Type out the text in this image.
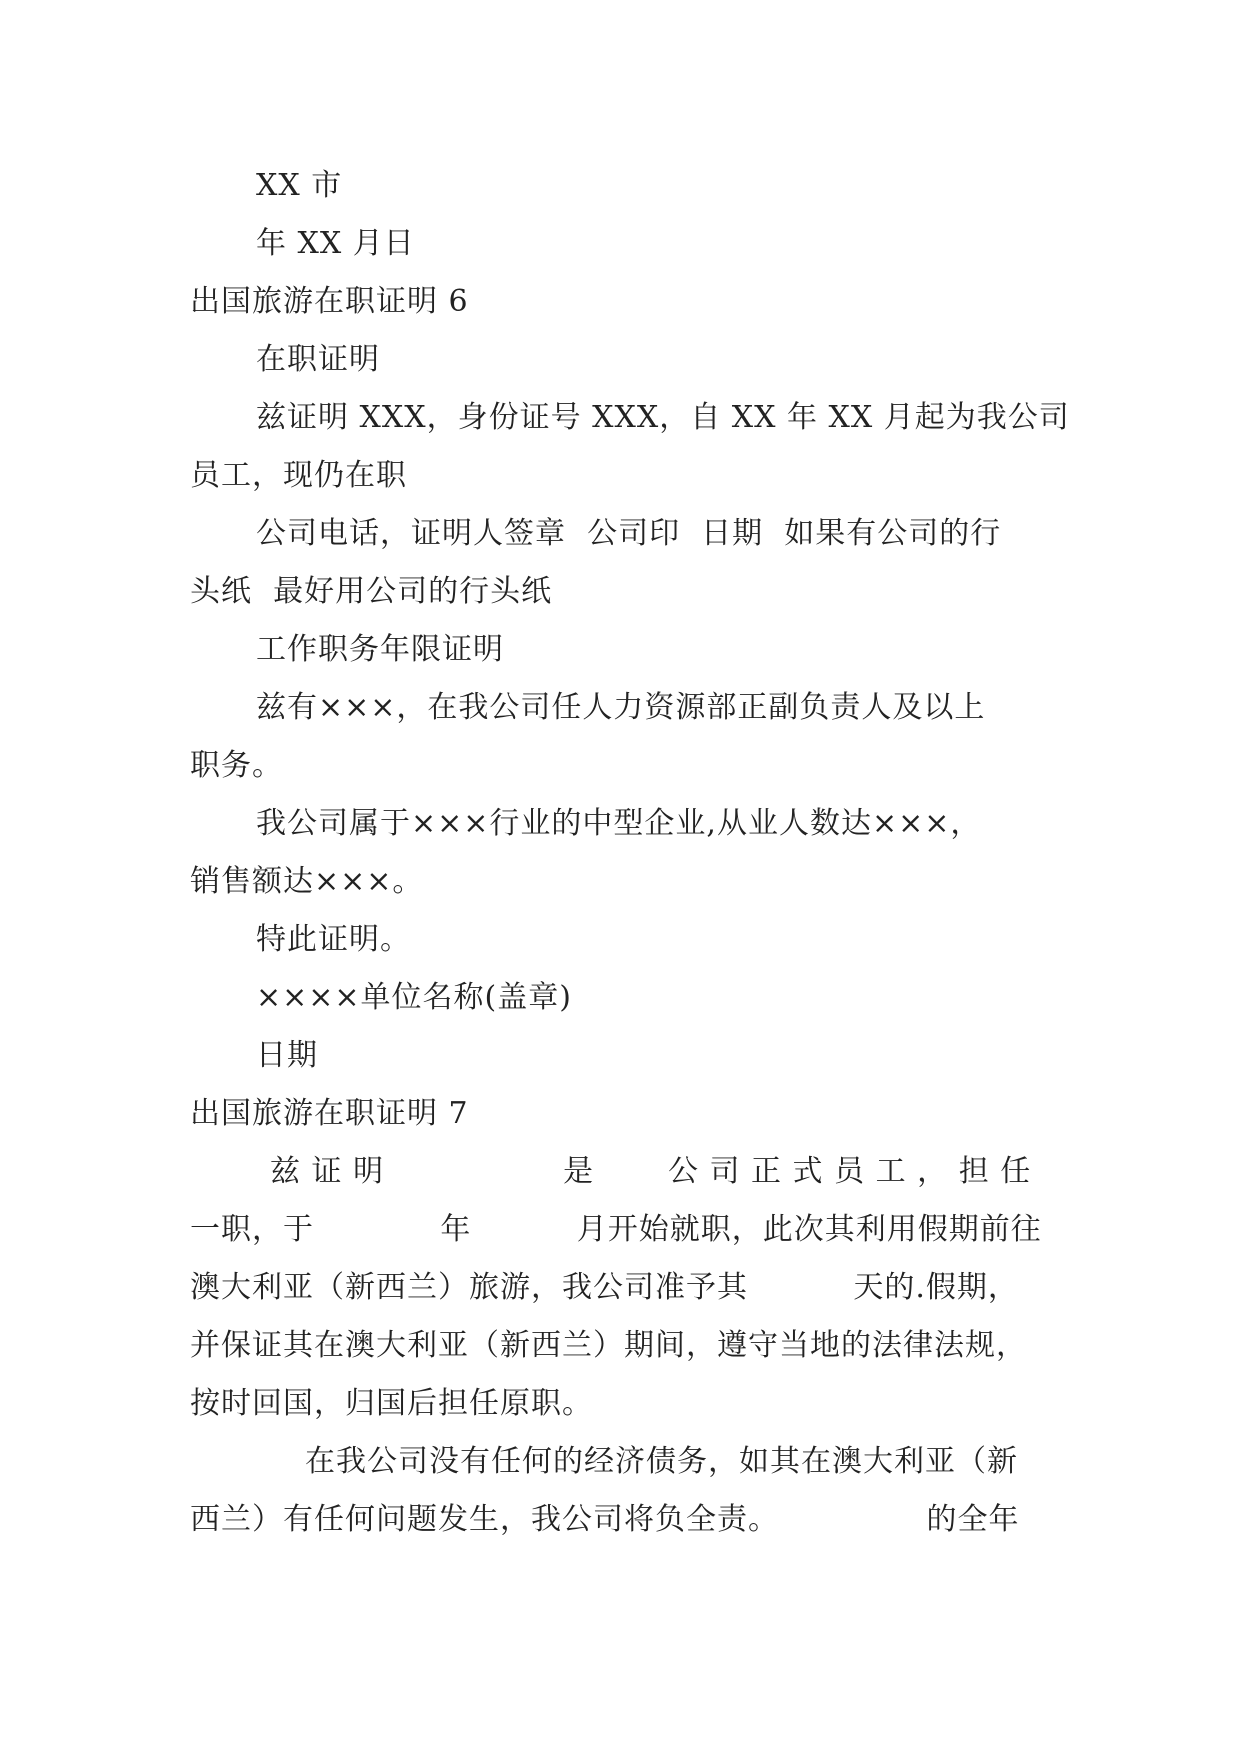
XX 市
年 XX 月日
出国旅游在职证明 6
在职证明
兹证明 XXX，身份证号 XXX，自 XX 年 XX 月起为我公司
员工，现仍在职
公司电话，证明人签章  公司印  日期  如果有公司的行
头纸  最好用公司的行头纸
工作职务年限证明
兹有×××，在我公司任人力资源部正副负责人及以上
职务。
我公司属于×××行业的中型企业,从业人数达×××，
销售额达×××。
特此证明。
××××单位名称(盖章)
日期
出国旅游在职证明 7
兹 证 明                 是       公 司 正 式 员 工 ， 担 任
一职，于            年          月开始就职，此次其利用假期前往
澳大利亚（新西兰）旅游，我公司准予其          天的.假期，
并保证其在澳大利亚（新西兰）期间，遵守当地的法律法规，
按时回国，归国后担任原职。
在我公司没有任何的经济债务，如其在澳大利亚（新
西兰）有任何问题发生，我公司将负全责。              的全年
